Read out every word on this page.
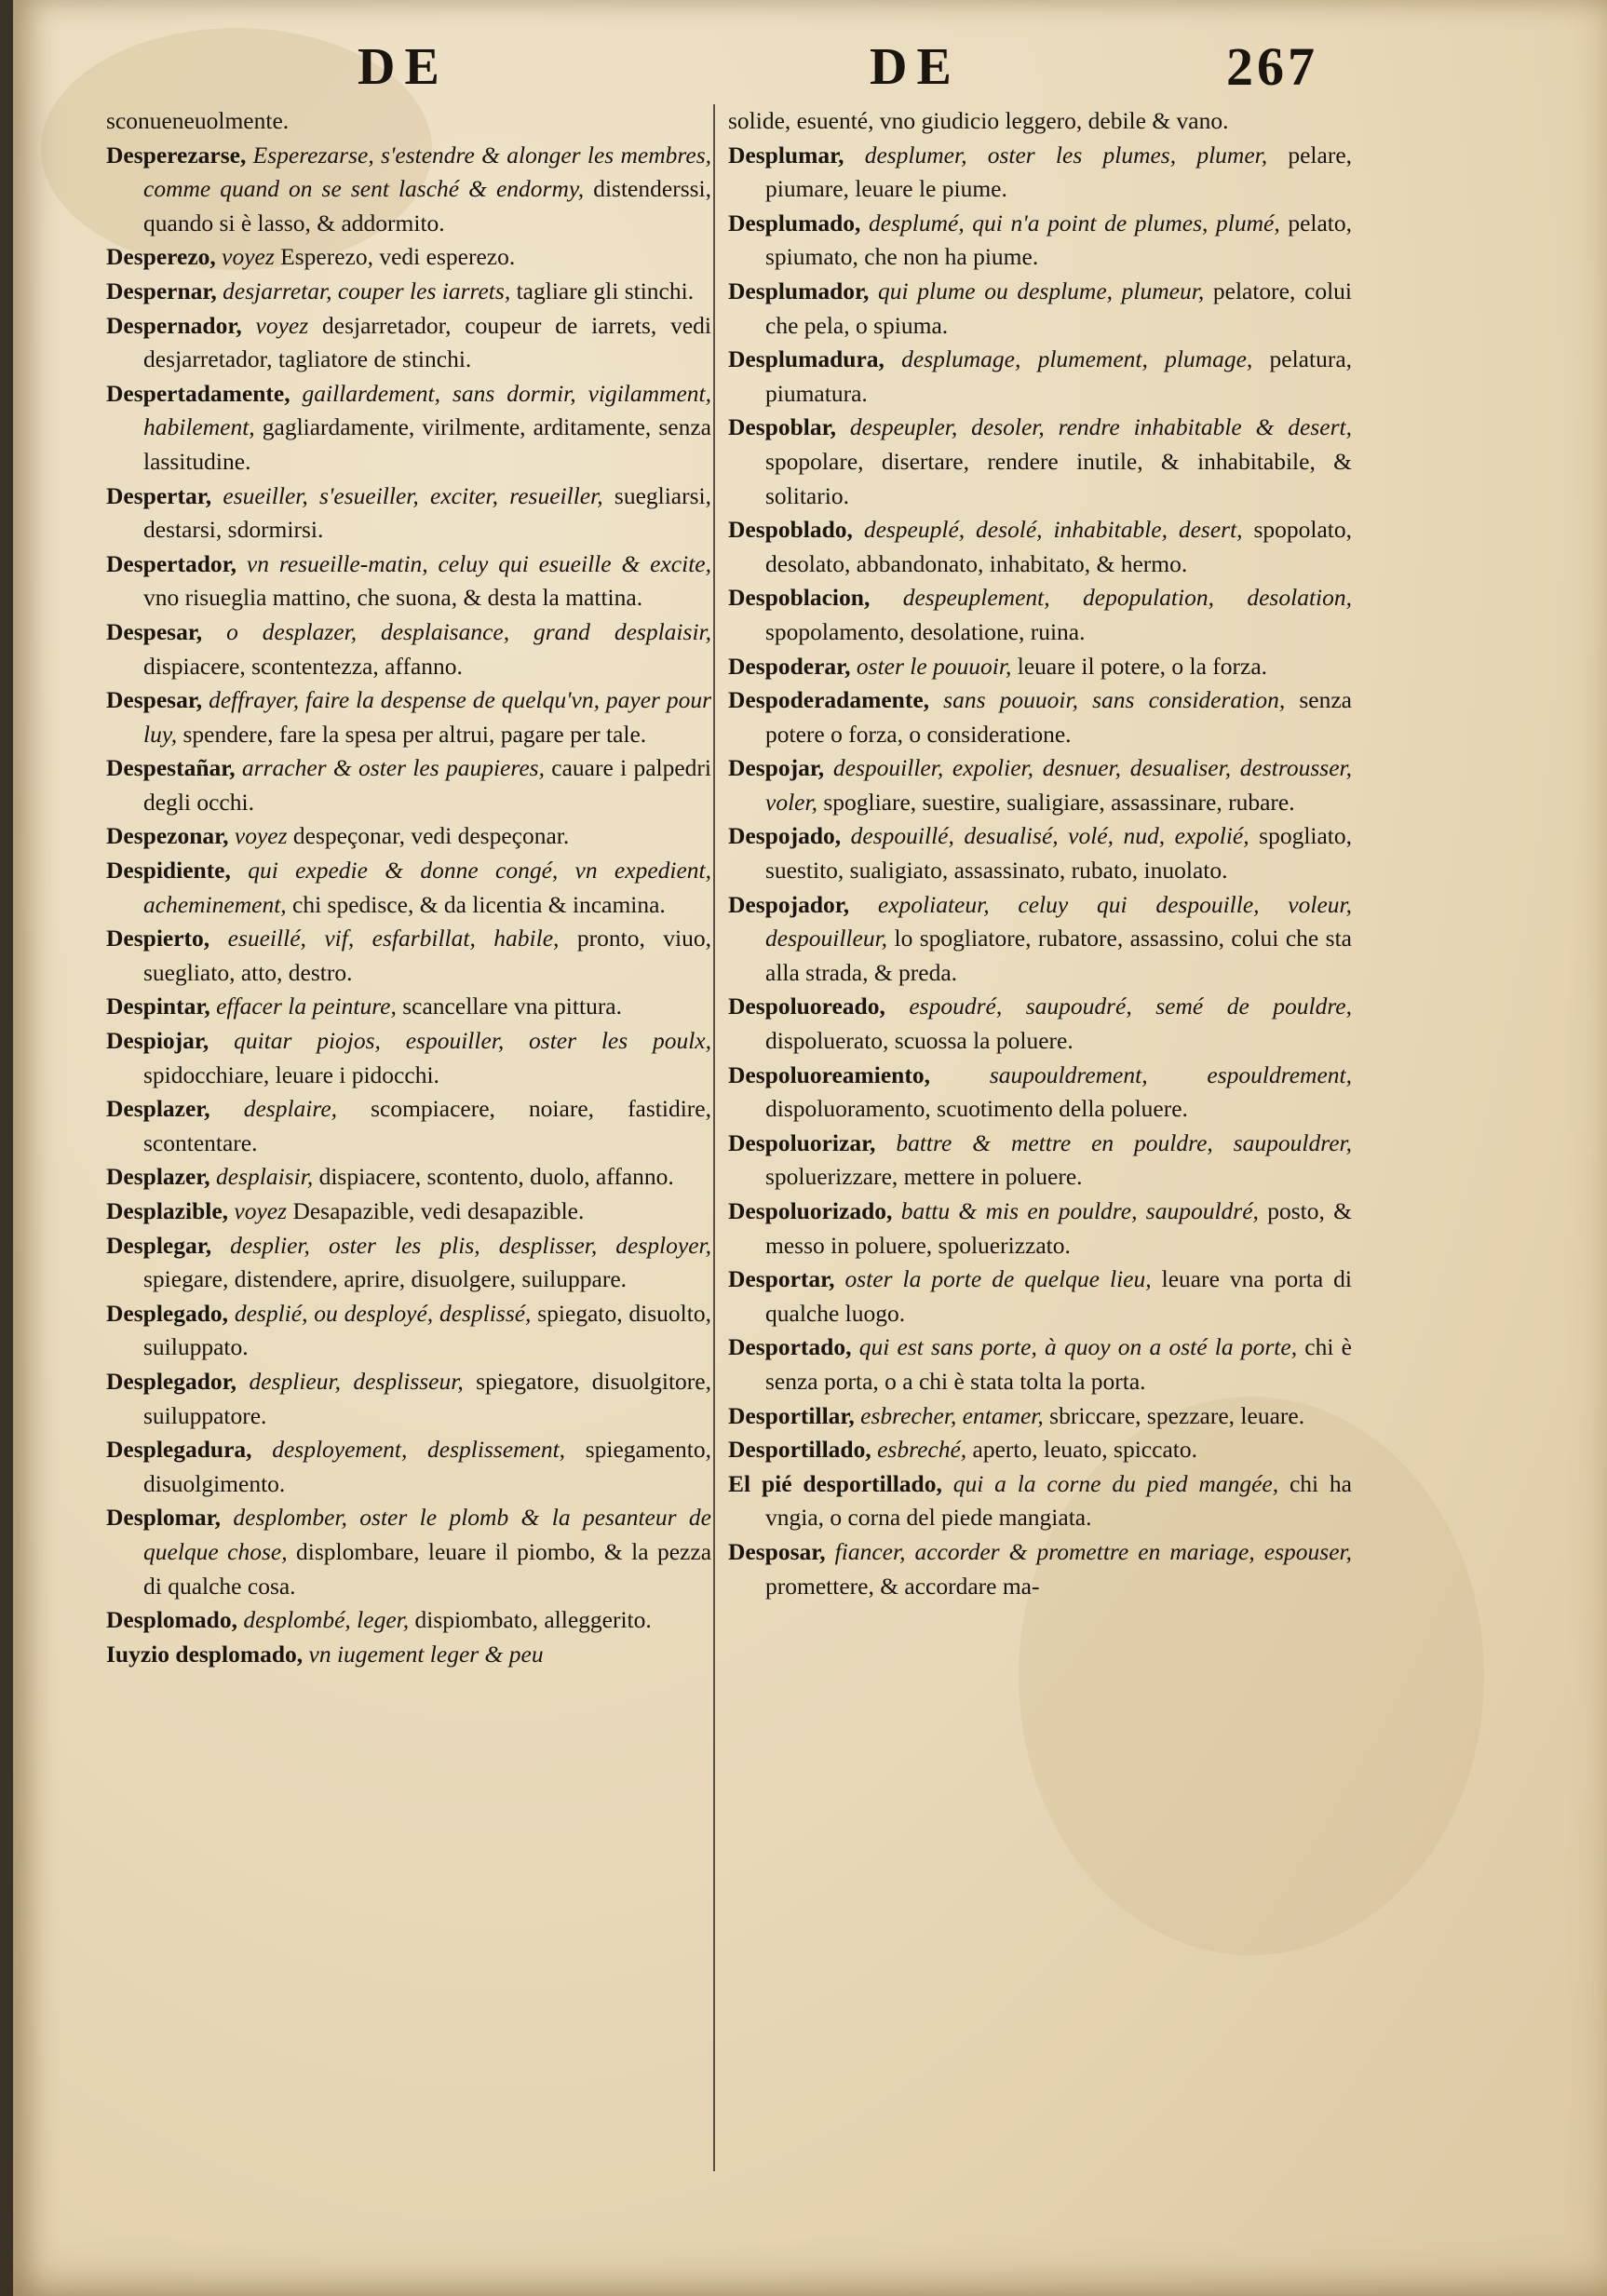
DE	DE	267

sconueneuolmente.

Desperezarse, Esperezarse, s'estendre & alonger les membres, comme quand on se sent lasché & endormy, distenderssi, quando si è lasso, & addormito.

Desperezo, voyez Esperezo, vedi esperezo.

Despernar, desjarretar, couper les iarrets, tagliare gli stinchi.

Despernador, voyez desjarretador, coupeur de iarrets, vedi desjarretador, tagliatore de stinchi.

Despertadamente, gaillardement, sans dormir, vigilamment, habilement, gagliardamente, virilmente, arditamente, senza lassitudine.

Despertar, esueiller, s'esueiller, exciter, resueiller, suegliarsi, destarsi, sdormirsi.

Despertador, vn resueille-matin, celuy qui esueille & excite, vno risueglia mattino, che suona, & desta la mattina.

Despesar, o desplazer, desplaisance, grand desplaisir, dispiacere, scontentezza, affanno.

Despesar, deffrayer, faire la despense de quelqu'vn, payer pour luy, spendere, fare la spesa per altrui, pagare per tale.

Despestañar, arracher & oster les paupieres, cauare i palpedri degli occhi.

Despezonar, voyez despeçonar, vedi despeçonar.

Despidiente, qui expedie & donne congé, vn expedient, acheminement, chi spedisce, & da licentia & incamina.

Despierto, esueillé, vif, esfarbillat, habile, pronto, viuo, suegliato, atto, destro.

Despintar, effacer la peinture, scancellare vna pittura.

Despiojar, quitar piojos, espouiller, oster les poulx, spidocchiare, leuare i pidocchi.

Desplazer, desplaire, scompiacere, noiare, fastidire, scontentare.

Desplazer, desplaisir, dispiacere, scontento, duolo, affanno.

Desplazible, voyez Desapazible, vedi desapazible.

Desplegar, desplier, oster les plis, desplisser, desployer, spiegare, distendere, aprire, disuolgere, suiluppare.

Desplegado, desplié, ou desployé, desplissé, spiegato, disuolto, suiluppato.

Desplegador, desplieur, desplisseur, spiegatore, disuolgitore, suiluppatore.

Desplegadura, desployement, desplissement, spiegamento, disuolgimento.

Desplomar, desplomber, oster le plomb & la pesanteur de quelque chose, displombare, leuare il piombo, & la pezza di qualche cosa.

Desplomado, desplombé, leger, dispiombato, alleggerito.

Iuyzio desplomado, vn iugement leger & peu

solide, esuenté, vno giudicio leggero, debile & vano.

Desplumar, desplumer, oster les plumes, plumer, pelare, piumare, leuare le piume.

Desplumado, desplumé, qui n'a point de plumes, plumé, pelato, spiumato, che non ha piume.

Desplumador, qui plume ou desplume, plumeur, pelatore, colui che pela, o spiuma.

Desplumadura, desplumage, plumement, plumage, pelatura, piumatura.

Despoblar, despeupler, desoler, rendre inhabitable & desert, spopolare, disertare, rendere inutile, & inhabitabile, & solitario.

Despoblado, despeuplé, desolé, inhabitable, desert, spopolato, desolato, abbandonato, inhabitato, & hermo.

Despoblacion, despeuplement, depopulation, desolation, spopolamento, desolatione, ruina.

Despoderar, oster le pouuoir, leuare il potere, o la forza.

Despoderadamente, sans pouuoir, sans consideration, senza potere o forza, o consideratione.

Despojar, despouiller, expolier, desnuer, desualiser, destrousser, voler, spogliare, suestire, sualigiare, assassinare, rubare.

Despojado, despouillé, desualisé, volé, nud, expolié, spogliato, suestito, sualigiato, assassinato, rubato, inuolato.

Despojador, expoliateur, celuy qui despouille, voleur, despouilleur, lo spogliatore, rubatore, assassino, colui che sta alla strada, & preda.

Despoluoreado, espoudré, saupoudré, semé de pouldre, dispoluerato, scuossa la poluere.

Despoluoreamiento, saupouldrement, espouldrement, dispoluoramento, scuotimento della poluere.

Despoluorizar, battre & mettre en pouldre, saupouldrer, spoluerizzare, mettere in poluere.

Despoluorizado, battu & mis en pouldre, saupouldré, posto, & messo in poluere, spoluerizzato.

Desportar, oster la porte de quelque lieu, leuare vna porta di qualche luogo.

Desportado, qui est sans porte, à quoy on a osté la porte, chi è senza porta, o a chi è stata tolta la porta.

Desportillar, esbrecher, entamer, sbriccare, spezzare, leuare.

Desportillado, esbreché, aperto, leuato, spiccato.

El pié desportillado, qui a la corne du pied mangée, chi ha vngia, o corna del piede mangiata.

Desposar, fiancer, accorder & promettre en mariage, espouser, promettere, & accordare ma-
